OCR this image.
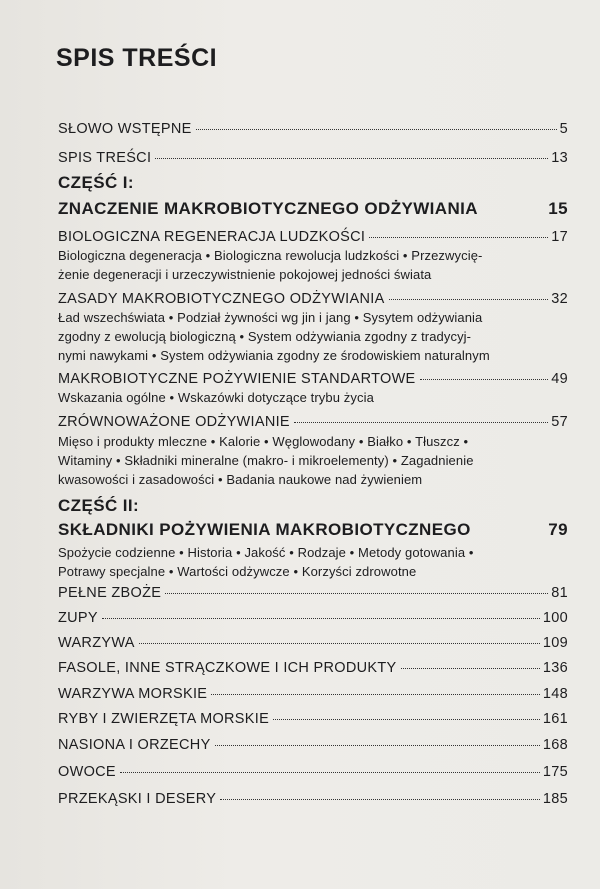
SPIS TREŚCI
SŁOWO WSTĘPNE	5
SPIS TREŚCI	13
CZĘŚĆ I:
ZNACZENIE MAKROBIOTYCZNEGO ODŻYWIANIA	15
BIOLOGICZNA REGENERACJA LUDZKOŚCI	17
Biologiczna degeneracja • Biologiczna rewolucja ludzkości • Przezwycię-
żenie degeneracji i urzeczywistnienie pokojowej jedności świata
ZASADY MAKROBIOTYCZNEGO ODŻYWIANIA	32
Ład wszechświata • Podział żywności wg jin i jang • Sysytem odżywiania
zgodny z ewolucją biologiczną • System odżywiania zgodny z tradycyj-
nymi nawykami • System odżywiania zgodny ze środowiskiem naturalnym
MAKROBIOTYCZNE POŻYWIENIE STANDARTOWE	49
Wskazania ogólne • Wskazówki dotyczące trybu życia
ZRÓWNOWAŻONE ODŻYWIANIE	57
Mięso i produkty mleczne • Kalorie • Węglowodany • Białko • Tłuszcz •
Witaminy • Składniki mineralne (makro- i mikroelementy) • Zagadnienie
kwasowości i zasadowości • Badania naukowe nad żywieniem
CZĘŚĆ II:
SKŁADNIKI POŻYWIENIA MAKROBIOTYCZNEGO	79
Spożycie codzienne • Historia • Jakość • Rodzaje • Metody gotowania •
Potrawy specjalne • Wartości odżywcze • Korzyści zdrowotne
PEŁNE ZBOŻE	81
ZUPY	100
WARZYWA	109
FASOLE, INNE STRĄCZKOWE I ICH PRODUKTY	136
WARZYWA MORSKIE	148
RYBY I ZWIERZĘTA MORSKIE	161
NASIONA I ORZECHY	168
OWOCE	175
PRZEKĄSKI I DESERY	185
